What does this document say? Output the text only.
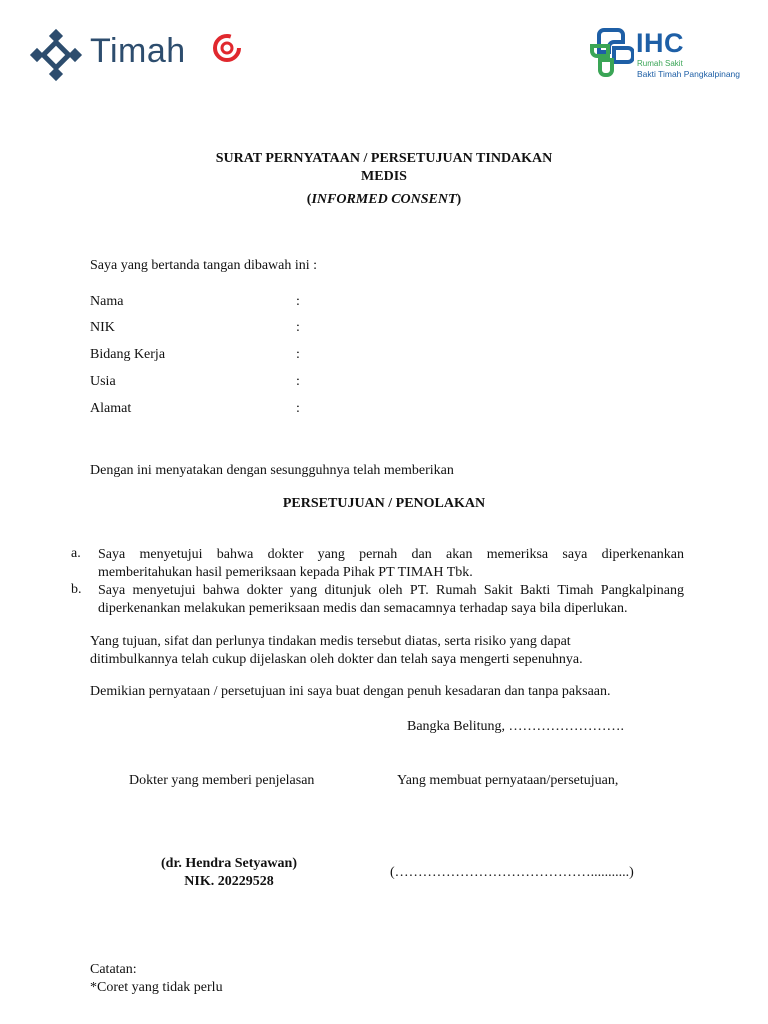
Timah	IHC
Rumah Sakit
Bakti Timah Pangkalpinang
SURAT PERNYATAAN / PERSETUJUAN TINDAKAN
MEDIS
(INFORMED CONSENT)
Saya yang bertanda tangan dibawah ini :
Nama	:
NIK	:
Bidang Kerja	:
Usia	:
Alamat	:
Dengan ini menyatakan dengan sesungguhnya telah memberikan
PERSETUJUAN / PENOLAKAN
a. Saya menyetujui bahwa dokter yang pernah dan akan memeriksa saya diperkenankan
memberitahukan hasil pemeriksaan kepada Pihak PT TIMAH Tbk.
b. Saya menyetujui bahwa dokter yang ditunjuk oleh PT. Rumah Sakit Bakti Timah Pangkalpinang
diperkenankan melakukan pemeriksaan medis dan semacamnya terhadap saya bila diperlukan.
Yang tujuan, sifat dan perlunya tindakan medis tersebut diatas, serta risiko yang dapat
ditimbulkannya telah cukup dijelaskan oleh dokter dan telah saya mengerti sepenuhnya.
Demikian pernyataan / persetujuan ini saya buat dengan penuh kesadaran dan tanpa paksaan.
Bangka Belitung, …………………….
Dokter yang memberi penjelasan	Yang membuat pernyataan/persetujuan,
(dr. Hendra Setyawan)
NIK. 20229528
(……………………………………...........)
Catatan:
*Coret yang tidak perlu
